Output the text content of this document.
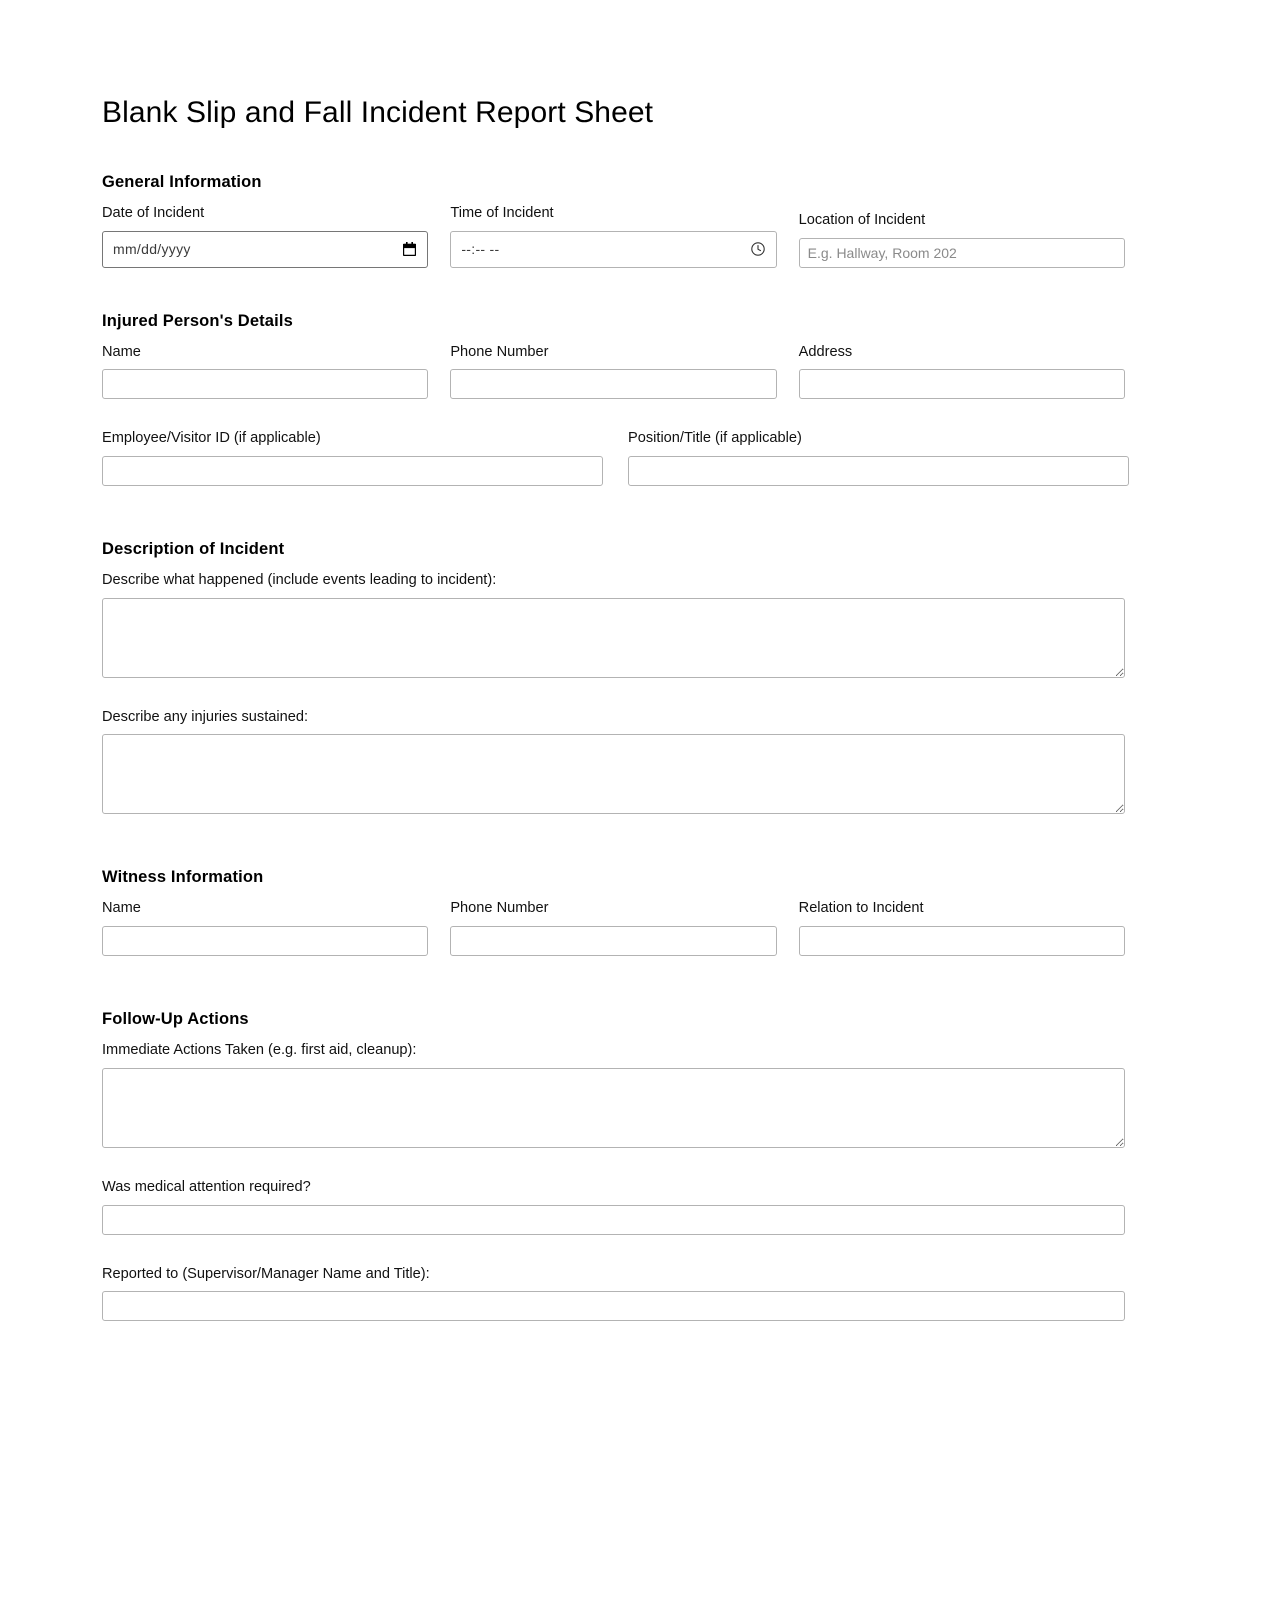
Blank Slip and Fall Incident Report Sheet
General Information
Date of Incident
mm/dd/yyyy
Time of Incident
--:-- --
Location of Incident
E.g. Hallway, Room 202
Injured Person's Details
Name	Phone Number	Address
Employee/Visitor ID (if applicable)	Position/Title (if applicable)
Description of Incident
Describe what happened (include events leading to incident):
Describe any injuries sustained:
Witness Information
Name	Phone Number	Relation to Incident
Follow-Up Actions
Immediate Actions Taken (e.g. first aid, cleanup):
Was medical attention required?
Reported to (Supervisor/Manager Name and Title):
